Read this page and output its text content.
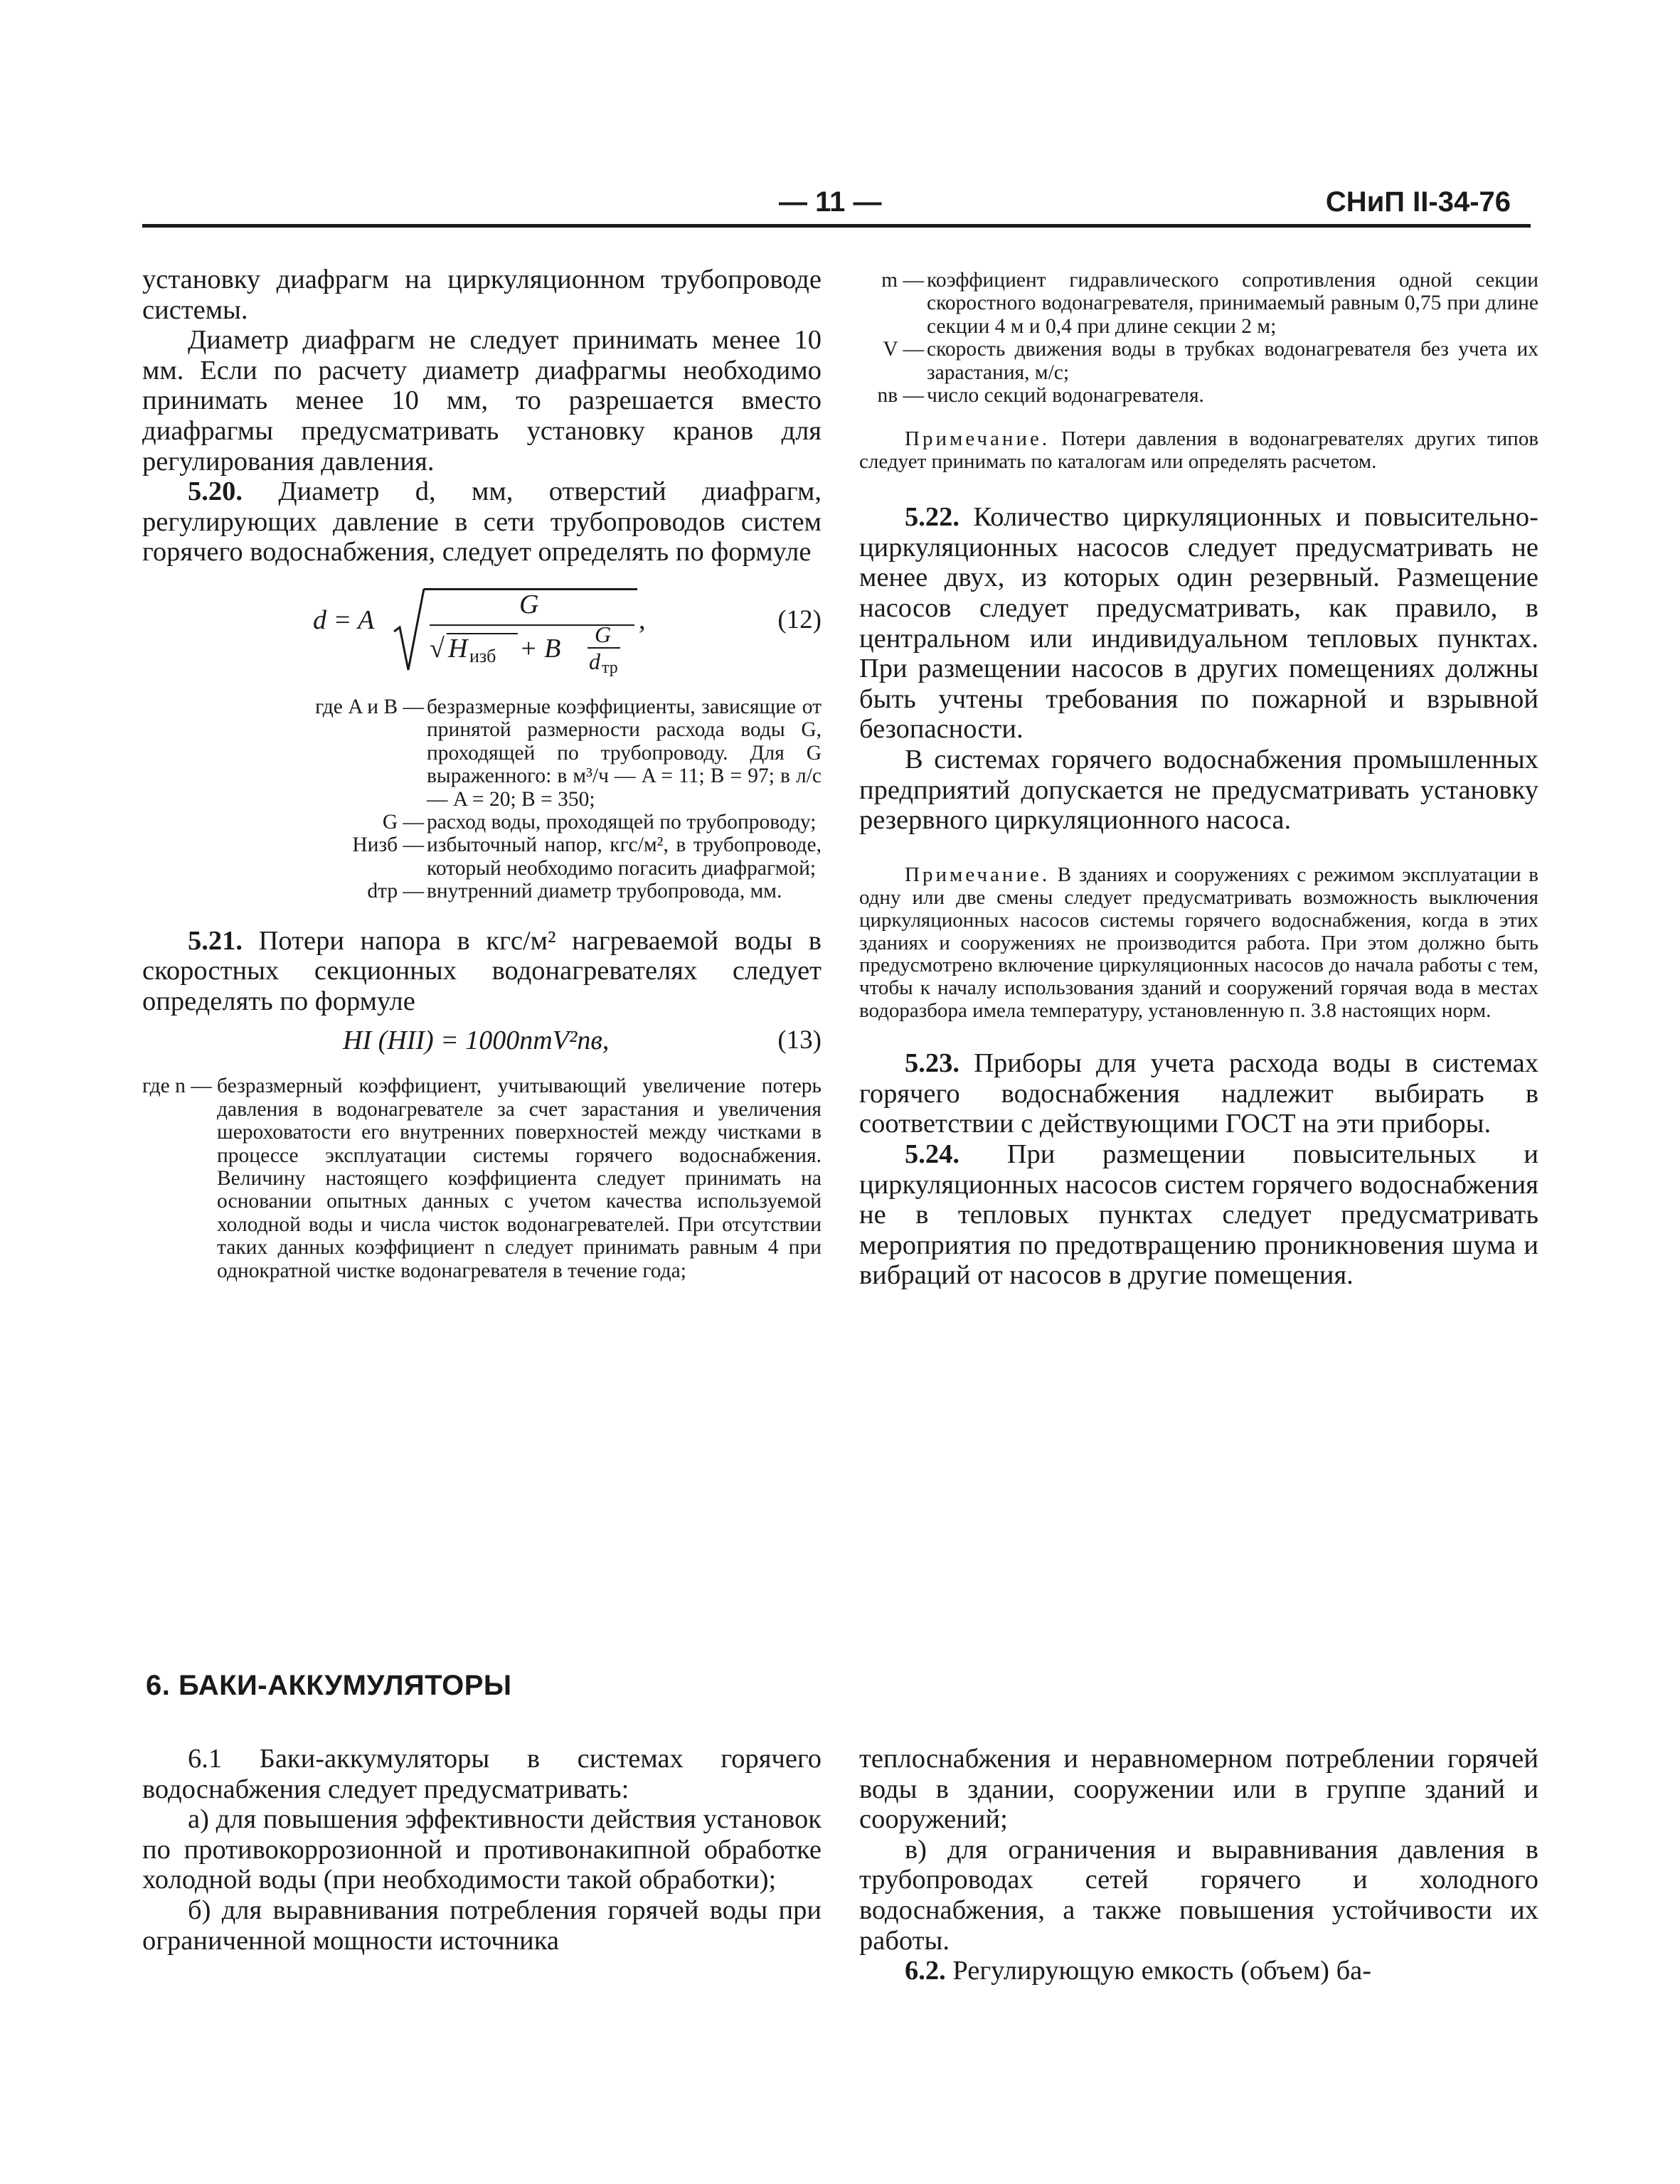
— 11 —	СНиП II-34-76

установку диафрагм на циркуляционном трубопроводе системы.

Диаметр диафрагм не следует принимать менее 10 мм. Если по расчету диаметр диафрагмы необходимо принимать менее 10 мм, то разрешается вместо диафрагмы предусматривать установку кранов для регулирования давления.

5.20. Диаметр d, мм, отверстий диафрагм, регулирующих давление в сети трубопроводов систем горячего водоснабжения, следует определять по формуле

d = A
G
√ H изб + B G
d тр
,	(12)
где A и B — безразмерные коэффициенты, зависящие от принятой размерности расхода воды G, проходящей по трубопроводу. Для G выраженного: в м³/ч — A = 11; B = 97; в л/с — A = 20; B = 350;
G — расход воды, проходящей по трубопроводу;
Hизб — избыточный напор, кгс/м², в трубопроводе, который необходимо погасить диафрагмой;
dтр — внутренний диаметр трубопровода, мм.

5.21. Потери напора в кгс/м² нагреваемой воды в скоростных секционных водонагревателях следует определять по формуле

HI (HII) = 1000nmV²nв,	(13)
где n — безразмерный коэффициент, учитывающий увеличение потерь давления в водонагревателе за счет зарастания и увеличения шероховатости его внутренних поверхностей между чистками в процессе эксплуатации системы горячего водоснабжения. Величину настоящего коэффициента следует принимать на основании опытных данных с учетом качества используемой холодной воды и числа чисток водонагревателей. При отсутствии таких данных коэффициент n следует принимать равным 4 при однократной чистке водонагревателя в течение года;
m — коэффициент гидравлического сопротивления одной секции скоростного водонагревателя, принимаемый равным 0,75 при длине секции 4 м и 0,4 при длине секции 2 м;
V — скорость движения воды в трубках водонагревателя без учета их зарастания, м/с;
nв — число секций водонагревателя.

Примечание. Потери давления в водонагревателях других типов следует принимать по каталогам или определять расчетом.

5.22. Количество циркуляционных и повысительно-циркуляционных насосов следует предусматривать не менее двух, из которых один резервный. Размещение насосов следует предусматривать, как правило, в центральном или индивидуальном тепловых пунктах. При размещении насосов в других помещениях должны быть учтены требования по пожарной и взрывной безопасности.

В системах горячего водоснабжения промышленных предприятий допускается не предусматривать установку резервного циркуляционного насоса.

Примечание. В зданиях и сооружениях с режимом эксплуатации в одну или две смены следует предусматривать возможность выключения циркуляционных насосов системы горячего водоснабжения, когда в этих зданиях и сооружениях не производится работа. При этом должно быть предусмотрено включение циркуляционных насосов до начала работы с тем, чтобы к началу использования зданий и сооружений горячая вода в местах водоразбора имела температуру, установленную п. 3.8 настоящих норм.

5.23. Приборы для учета расхода воды в системах горячего водоснабжения надлежит выбирать в соответствии с действующими ГОСТ на эти приборы.

5.24. При размещении повысительных и циркуляционных насосов систем горячего водоснабжения не в тепловых пунктах следует предусматривать мероприятия по предотвращению проникновения шума и вибраций от насосов в другие помещения.

6. БАКИ-АККУМУЛЯТОРЫ

6.1 Баки-аккумуляторы в системах горячего водоснабжения следует предусматривать:

а) для повышения эффективности действия установок по противокоррозионной и противонакипной обработке холодной воды (при необходимости такой обработки);

б) для выравнивания потребления горячей воды при ограниченной мощности источника

теплоснабжения и неравномерном потреблении горячей воды в здании, сооружении или в группе зданий и сооружений;

в) для ограничения и выравнивания давления в трубопроводах сетей горячего и холодного водоснабжения, а также повышения устойчивости их работы.

6.2. Регулирующую емкость (объем) ба-
